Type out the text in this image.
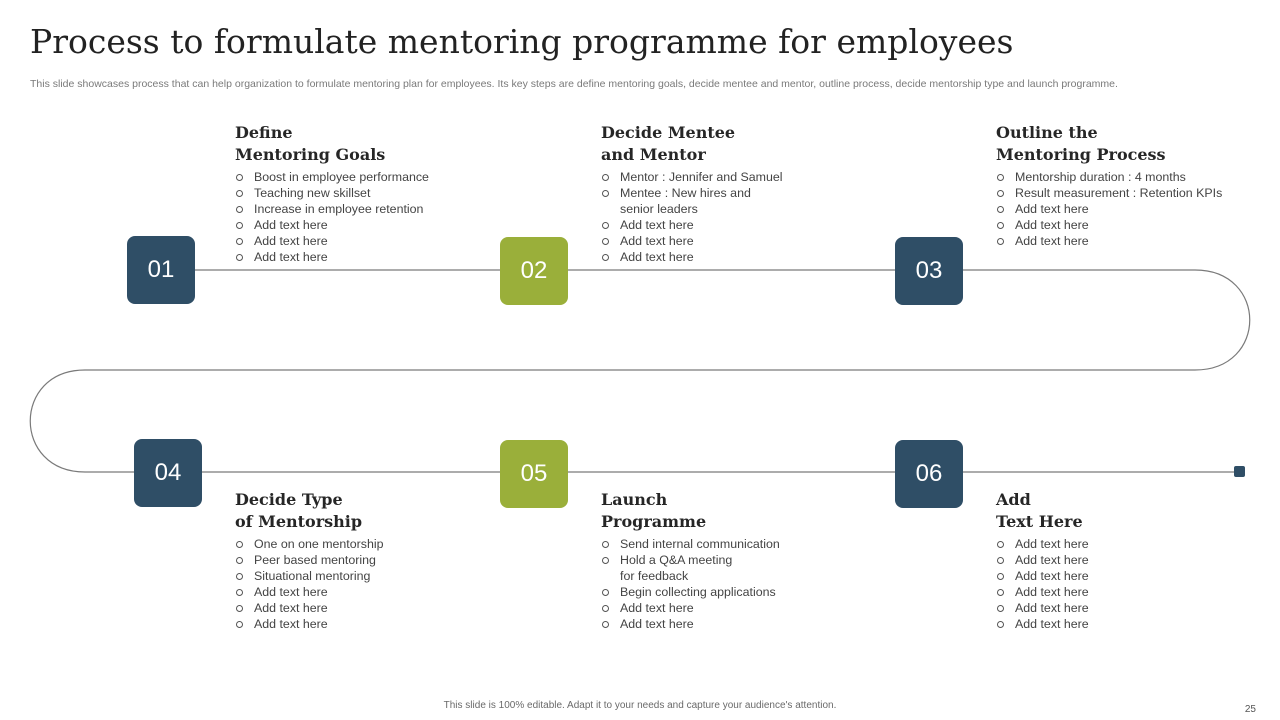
Process to formulate mentoring programme for employees
This slide showcases process that can help organization to formulate mentoring plan for employees. Its key steps are define mentoring goals, decide mentee and mentor, outline process, decide mentorship type and launch programme.
01	02	03
04	05	06
Define
Mentoring Goals
Boost in employee performance
Teaching new skillset
Increase in employee retention
Add text here
Add text here
Add text here
Decide Mentee
and Mentor
Mentor : Jennifer and Samuel
Mentee : New hires and senior leaders
Add text here
Add text here
Add text here
Outline the
Mentoring Process
Mentorship duration : 4 months
Result measurement : Retention KPIs
Add text here
Add text here
Add text here
Decide Type
of Mentorship
One on one mentorship
Peer based mentoring
Situational mentoring
Add text here
Add text here
Add text here
Launch
Programme
Send internal communication
Hold a Q&A meeting for feedback
Begin collecting applications
Add text here
Add text here
Add
Text Here
Add text here
Add text here
Add text here
Add text here
Add text here
Add text here
This slide is 100% editable. Adapt it to your needs and capture your audience's attention.	25
